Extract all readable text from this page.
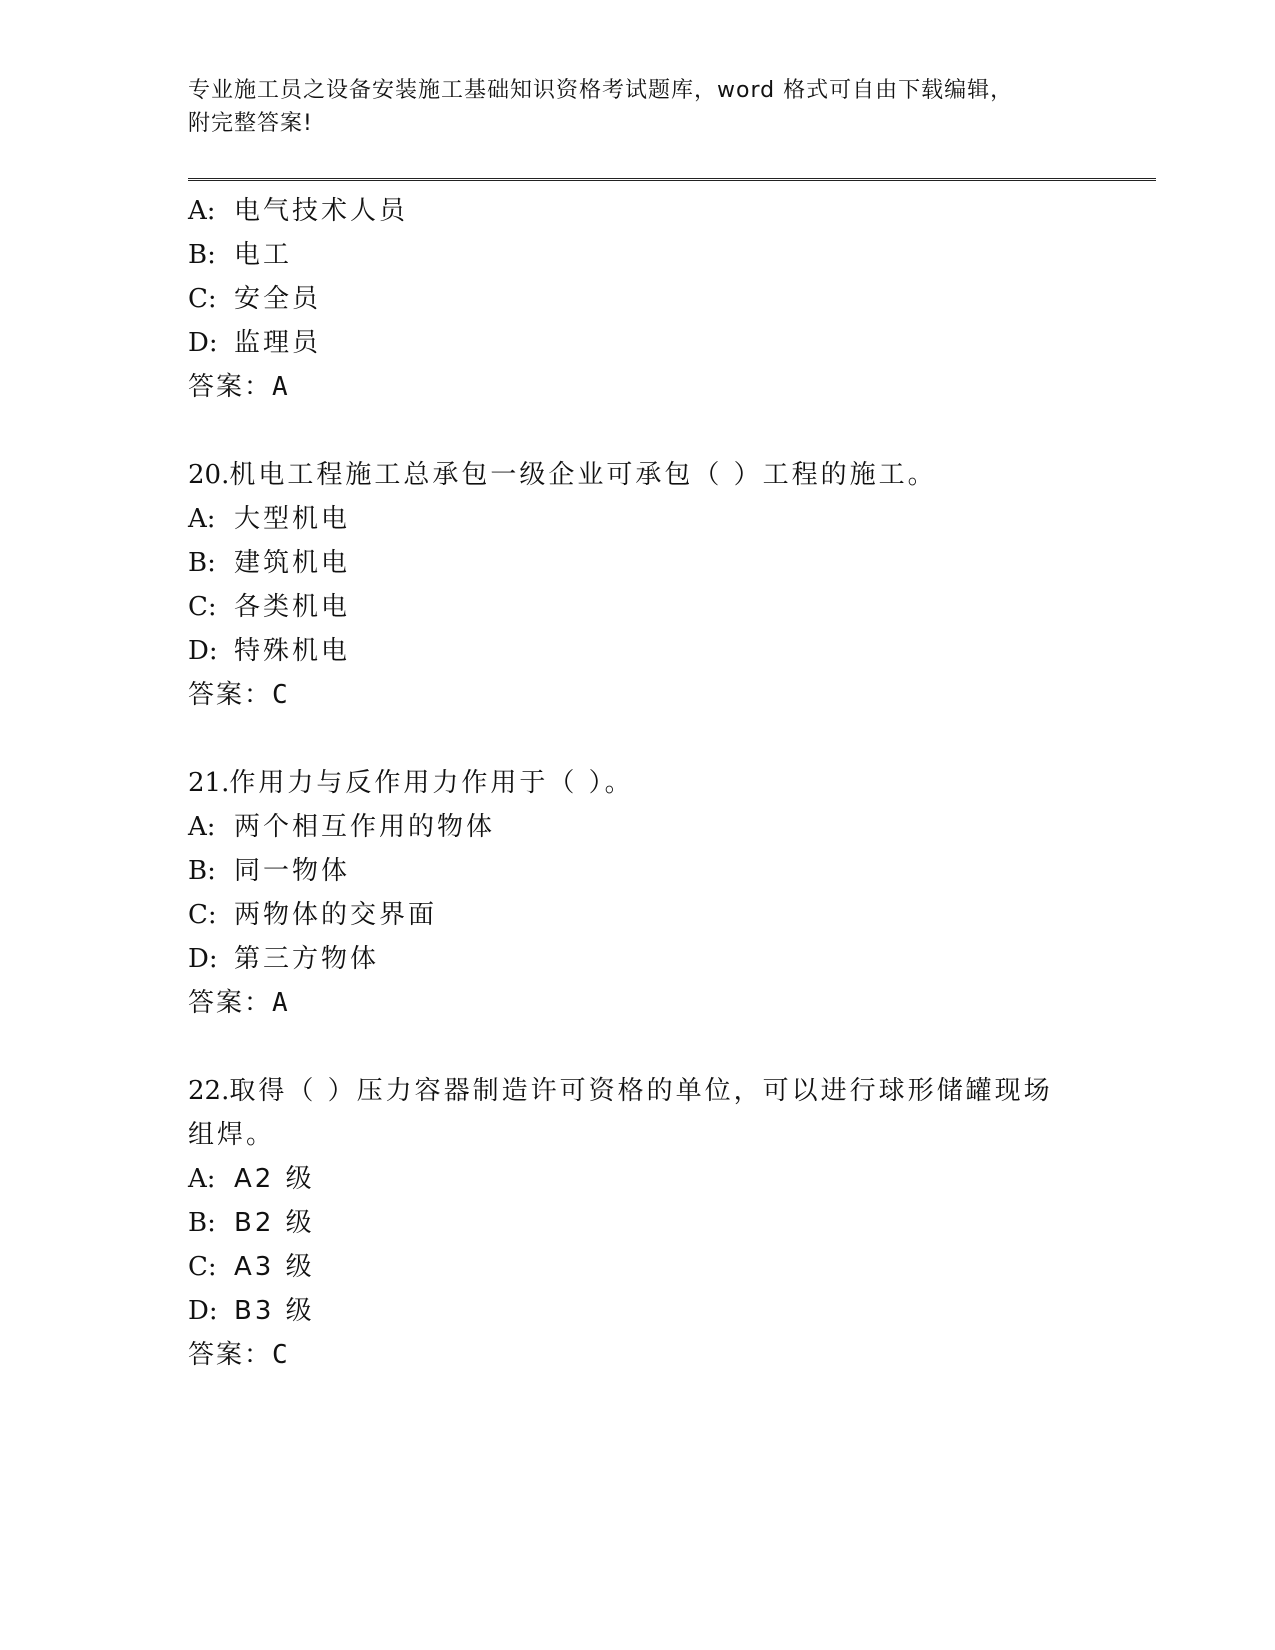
专业施工员之设备安装施工基础知识资格考试题库，word 格式可自由下载编辑，
附完整答案!
A: 电气技术人员
B: 电工
C: 安全员
D: 监理员
答案：A
20.机电工程施工总承包一级企业可承包（ ）工程的施工。
A: 大型机电
B: 建筑机电
C: 各类机电
D: 特殊机电
答案：C
21.作用力与反作用力作用于（ ）。
A: 两个相互作用的物体
B: 同一物体
C: 两物体的交界面
D: 第三方物体
答案：A
22.取得（ ）压力容器制造许可资格的单位，可以进行球形储罐现场
组焊。
A: A2 级
B: B2 级
C: A3 级
D: B3 级
答案：C
